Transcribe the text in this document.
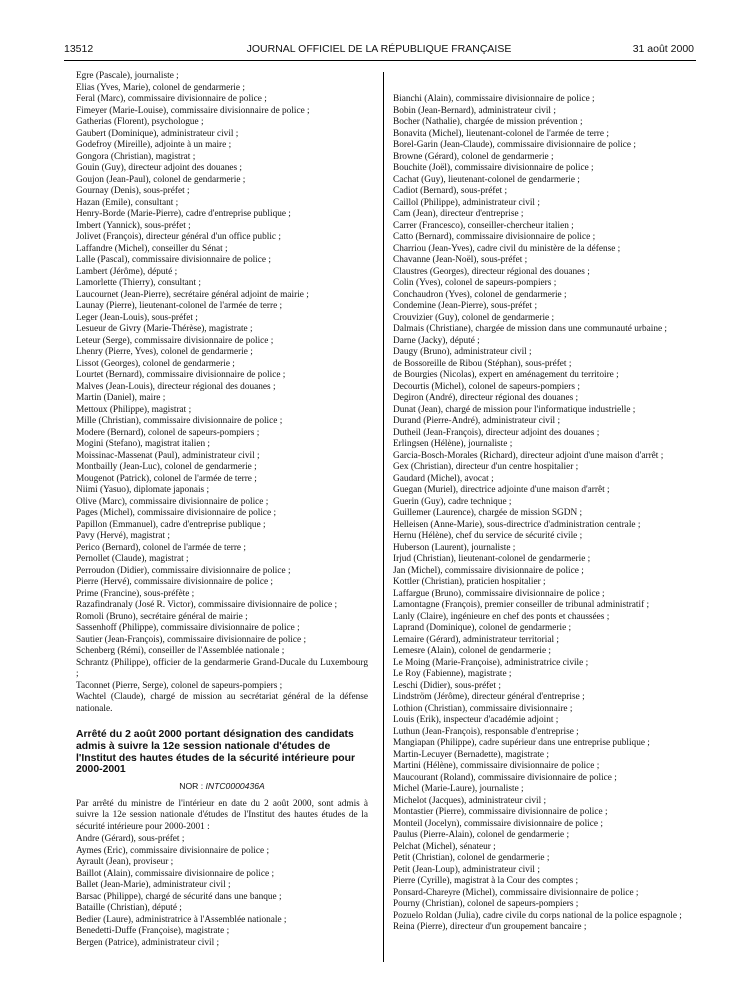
13512	JOURNAL OFFICIEL DE LA RÉPUBLIQUE FRANÇAISE	31 août 2000
Egre (Pascale), journaliste ;
Elias (Yves, Marie), colonel de gendarmerie ;
Feral (Marc), commissaire divisionnaire de police ;
Fimeyer (Marie-Louise), commissaire divisionnaire de police ;
Gatherias (Florent), psychologue ;
Gaubert (Dominique), administrateur civil ;
Godefroy (Mireille), adjointe à un maire ;
Gongora (Christian), magistrat ;
Gouin (Guy), directeur adjoint des douanes ;
Goujon (Jean-Paul), colonel de gendarmerie ;
Gournay (Denis), sous-préfet ;
Hazan (Emile), consultant ;
Henry-Borde (Marie-Pierre), cadre d'entreprise publique ;
Imbert (Yannick), sous-préfet ;
Jolivet (François), directeur général d'un office public ;
Laffandre (Michel), conseiller du Sénat ;
Lalle (Pascal), commissaire divisionnaire de police ;
Lambert (Jérôme), député ;
Lamorlette (Thierry), consultant ;
Laucournet (Jean-Pierre), secrétaire général adjoint de mairie ;
Launay (Pierre), lieutenant-colonel de l'armée de terre ;
Leger (Jean-Louis), sous-préfet ;
Lesueur de Givry (Marie-Thérèse), magistrate ;
Leteur (Serge), commissaire divisionnaire de police ;
Lhenry (Pierre, Yves), colonel de gendarmerie ;
Lissot (Georges), colonel de gendarmerie ;
Lourtet (Bernard), commissaire divisionnaire de police ;
Malves (Jean-Louis), directeur régional des douanes ;
Martin (Daniel), maire ;
Mettoux (Philippe), magistrat ;
Mille (Christian), commissaire divisionnaire de police ;
Modere (Bernard), colonel de sapeurs-pompiers ;
Mogini (Stefano), magistrat italien ;
Moissinac-Massenat (Paul), administrateur civil ;
Montbailly (Jean-Luc), colonel de gendarmerie ;
Mougenot (Patrick), colonel de l'armée de terre ;
Niimi (Yasuo), diplomate japonais ;
Olive (Marc), commissaire divisionnaire de police ;
Pages (Michel), commissaire divisionnaire de police ;
Papillon (Emmanuel), cadre d'entreprise publique ;
Pavy (Hervé), magistrat ;
Perico (Bernard), colonel de l'armée de terre ;
Pernollet (Claude), magistrat ;
Perroudon (Didier), commissaire divisionnaire de police ;
Pierre (Hervé), commissaire divisionnaire de police ;
Prime (Francine), sous-préfète ;
Razafindranaly (José R. Victor), commissaire divisionnaire de police ;
Romoli (Bruno), secrétaire général de mairie ;
Sassenhoff (Philippe), commissaire divisionnaire de police ;
Sautier (Jean-François), commissaire divisionnaire de police ;
Schenberg (Rémi), conseiller de l'Assemblée nationale ;
Schrantz (Philippe), officier de la gendarmerie Grand-Ducale du Luxembourg ;
Taconnet (Pierre, Serge), colonel de sapeurs-pompiers ;
Wachtel (Claude), chargé de mission au secrétariat général de la défense nationale.
Arrêté du 2 août 2000 portant désignation des candidats admis à suivre la 12e session nationale d'études de l'Institut des hautes études de la sécurité intérieure pour 2000-2001
NOR : INTC0000436A
Par arrêté du ministre de l'intérieur en date du 2 août 2000, sont admis à suivre la 12e session nationale d'études de l'Institut des hautes études de la sécurité intérieure pour 2000-2001 :
Andre (Gérard), sous-préfet ;
Aymes (Éric), commissaire divisionnaire de police ;
Ayrault (Jean), proviseur ;
Baillot (Alain), commissaire divisionnaire de police ;
Ballet (Jean-Marie), administrateur civil ;
Barsac (Philippe), chargé de sécurité dans une banque ;
Bataille (Christian), député ;
Bedier (Laure), administratrice à l'Assemblée nationale ;
Benedetti-Duffe (Françoise), magistrate ;
Bergen (Patrice), administrateur civil ;
Bianchi (Alain), commissaire divisionnaire de police ;
Bobin (Jean-Bernard), administrateur civil ;
Bocher (Nathalie), chargée de mission prévention ;
Bonavita (Michel), lieutenant-colonel de l'armée de terre ;
Borel-Garin (Jean-Claude), commissaire divisionnaire de police ;
Browne (Gérard), colonel de gendarmerie ;
Bouchite (Joël), commissaire divisionnaire de police ;
Cachat (Guy), lieutenant-colonel de gendarmerie ;
Cadiot (Bernard), sous-préfet ;
Caillol (Philippe), administrateur civil ;
Cam (Jean), directeur d'entreprise ;
Carrer (Francesco), conseiller-chercheur italien ;
Catto (Bernard), commissaire divisionnaire de police ;
Charriou (Jean-Yves), cadre civil du ministère de la défense ;
Chavanne (Jean-Noël), sous-préfet ;
Claustres (Georges), directeur régional des douanes ;
Colin (Yves), colonel de sapeurs-pompiers ;
Conchaudron (Yves), colonel de gendarmerie ;
Condemine (Jean-Pierre), sous-préfet ;
Crouvizier (Guy), colonel de gendarmerie ;
Dalmais (Christiane), chargée de mission dans une communauté urbaine ;
Darne (Jacky), député ;
Daugy (Bruno), administrateur civil ;
de Bossoreille de Ribou (Stéphan), sous-préfet ;
de Bourgies (Nicolas), expert en aménagement du territoire ;
Decourtis (Michel), colonel de sapeurs-pompiers ;
Degiron (André), directeur régional des douanes ;
Dunat (Jean), chargé de mission pour l'informatique industrielle ;
Durand (Pierre-André), administrateur civil ;
Dutheil (Jean-François), directeur adjoint des douanes ;
Erlingsen (Hélène), journaliste ;
Garcia-Bosch-Morales (Richard), directeur adjoint d'une maison d'arrêt ;
Gex (Christian), directeur d'un centre hospitalier ;
Gaudard (Michel), avocat ;
Guegan (Muriel), directrice adjointe d'une maison d'arrêt ;
Guerin (Guy), cadre technique ;
Guillemer (Laurence), chargée de mission SGDN ;
Helleisen (Anne-Marie), sous-directrice d'administration centrale ;
Hernu (Hélène), chef du service de sécurité civile ;
Huberson (Laurent), journaliste ;
Irjud (Christian), lieutenant-colonel de gendarmerie ;
Jan (Michel), commissaire divisionnaire de police ;
Kottler (Christian), praticien hospitalier ;
Laffargue (Bruno), commissaire divisionnaire de police ;
Lamontagne (François), premier conseiller de tribunal administratif ;
Lanly (Claire), ingénieure en chef des ponts et chaussées ;
Laprand (Dominique), colonel de gendarmerie ;
Lemaire (Gérard), administrateur territorial ;
Lemesre (Alain), colonel de gendarmerie ;
Le Moing (Marie-Françoise), administratrice civile ;
Le Roy (Fabienne), magistrate ;
Leschi (Didier), sous-préfet ;
Lindström (Jérôme), directeur général d'entreprise ;
Lothion (Christian), commissaire divisionnaire ;
Louis (Erik), inspecteur d'académie adjoint ;
Luthun (Jean-François), responsable d'entreprise ;
Mangiapan (Philippe), cadre supérieur dans une entreprise publique ;
Martin-Lecuyer (Bernadette), magistrate ;
Martini (Hélène), commissaire divisionnaire de police ;
Maucourant (Roland), commissaire divisionnaire de police ;
Michel (Marie-Laure), journaliste ;
Michelot (Jacques), administrateur civil ;
Montastier (Pierre), commissaire divisionnaire de police ;
Monteil (Jocelyn), commissaire divisionnaire de police ;
Paulus (Pierre-Alain), colonel de gendarmerie ;
Pelchat (Michel), sénateur ;
Petit (Christian), colonel de gendarmerie ;
Petit (Jean-Loup), administrateur civil ;
Pierre (Cyrille), magistrat à la Cour des comptes ;
Ponsard-Chareyre (Michel), commissaire divisionnaire de police ;
Pourny (Christian), colonel de sapeurs-pompiers ;
Pozuelo Roldan (Julia), cadre civile du corps national de la police espagnole ;
Reina (Pierre), directeur d'un groupement bancaire ;
